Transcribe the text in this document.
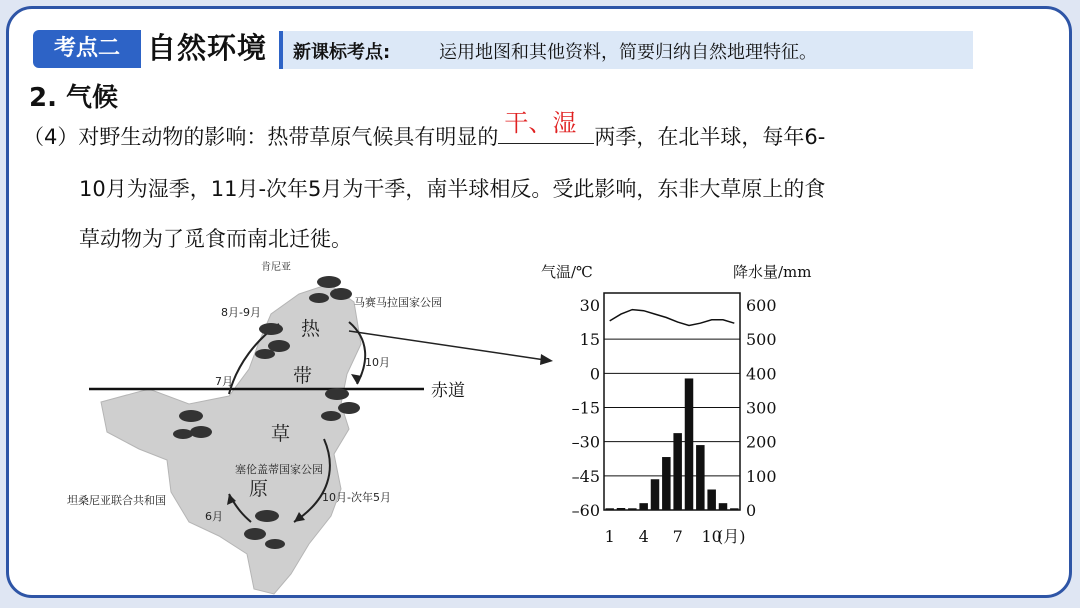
考点二 自然环境 新课标考点:	运用地图和其他资料，简要归纳自然地理特征。
2. 气候
（4）对野生动物的影响：热带草原气候具有明显的 干、湿 两季，在北半球，每年6-
10月为湿季，11月-次年5月为干季，南半球相反。受此影响，东非大草原上的食
草动物为了觅食而南北迁徙。
赤道
肯尼亚
马赛马拉国家公园
8月-9月
7月
10月
10月-次年5月
6月
塞伦盖蒂国家公园
坦桑尼亚联合共和国
热
带
草
原
气温/℃	降水量/mm
30
15
0
–15
–30
–45
–60
600
500
400
300
200
100
0
1 4 7 10
(月)
